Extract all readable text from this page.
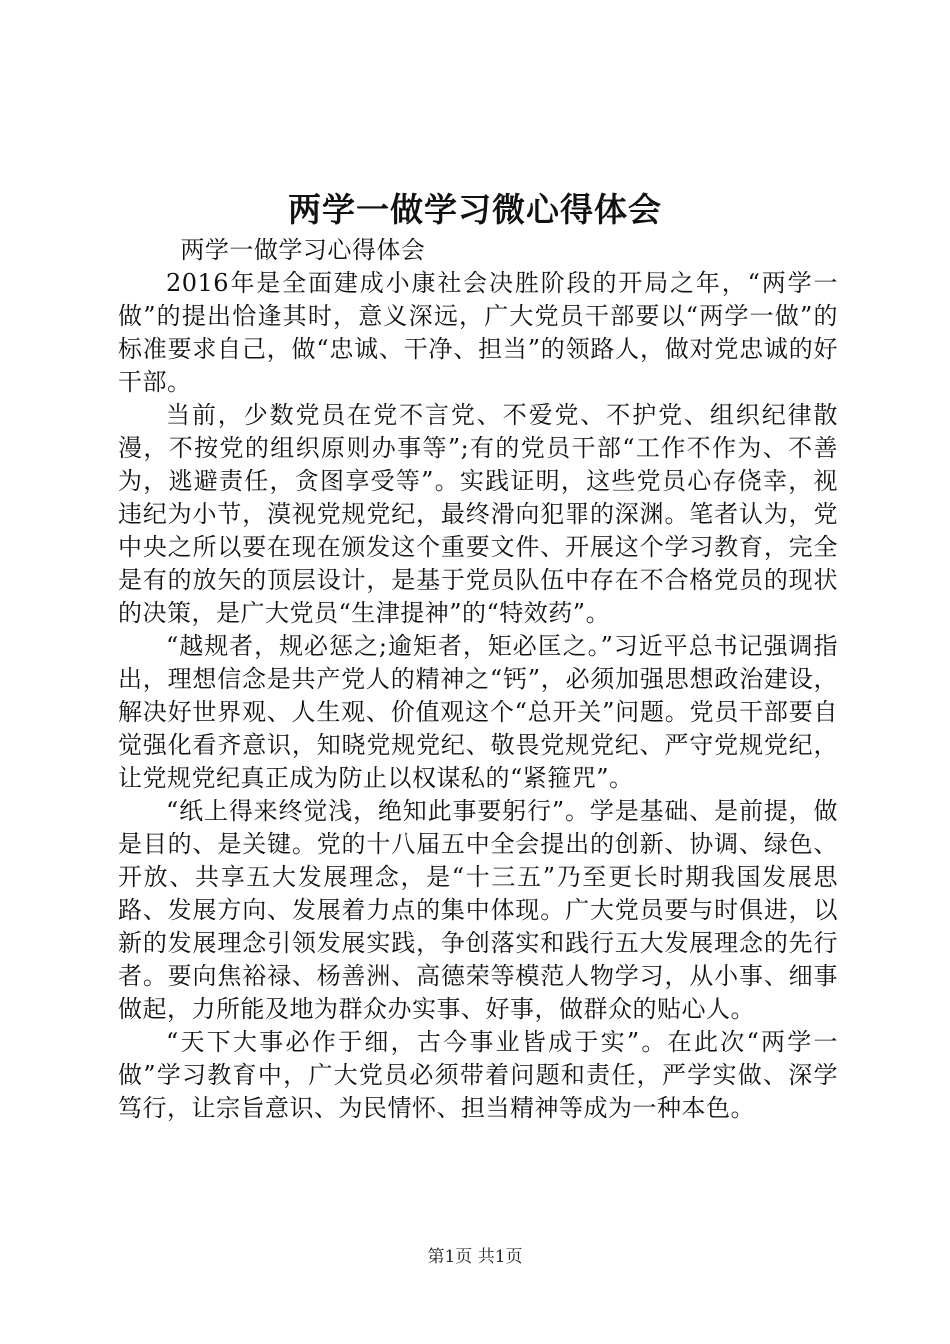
两学一做学习微心得体会

两学一做学习心得体会

2016年是全面建成小康社会决胜阶段的开局之年，“两学一做”的提出恰逢其时，意义深远，广大党员干部要以“两学一做”的标准要求自己，做“忠诚、干净、担当”的领路人，做对党忠诚的好干部。

当前，少数党员在党不言党、不爱党、不护党、组织纪律散漫，不按党的组织原则办事等”;有的党员干部“工作不作为、不善为，逃避责任，贪图享受等”。实践证明，这些党员心存侥幸，视违纪为小节，漠视党规党纪，最终滑向犯罪的深渊。笔者认为，党中央之所以要在现在颁发这个重要文件、开展这个学习教育，完全是有的放矢的顶层设计，是基于党员队伍中存在不合格党员的现状的决策，是广大党员“生津提神”的“特效药”。

“越规者，规必惩之;逾矩者，矩必匡之。”习近平总书记强调指出，理想信念是共产党人的精神之“钙”，必须加强思想政治建设，解决好世界观、人生观、价值观这个“总开关”问题。党员干部要自觉强化看齐意识，知晓党规党纪、敬畏党规党纪、严守党规党纪，让党规党纪真正成为防止以权谋私的“紧箍咒”。

“纸上得来终觉浅，绝知此事要躬行”。学是基础、是前提，做是目的、是关键。党的十八届五中全会提出的创新、协调、绿色、开放、共享五大发展理念，是“十三五”乃至更长时期我国发展思路、发展方向、发展着力点的集中体现。广大党员要与时俱进，以新的发展理念引领发展实践，争创落实和践行五大发展理念的先行者。要向焦裕禄、杨善洲、高德荣等模范人物学习，从小事、细事做起，力所能及地为群众办实事、好事，做群众的贴心人。

“天下大事必作于细，古今事业皆成于实”。在此次“两学一做”学习教育中，广大党员必须带着问题和责任，严学实做、深学笃行，让宗旨意识、为民情怀、担当精神等成为一种本色。

第1页 共1页
